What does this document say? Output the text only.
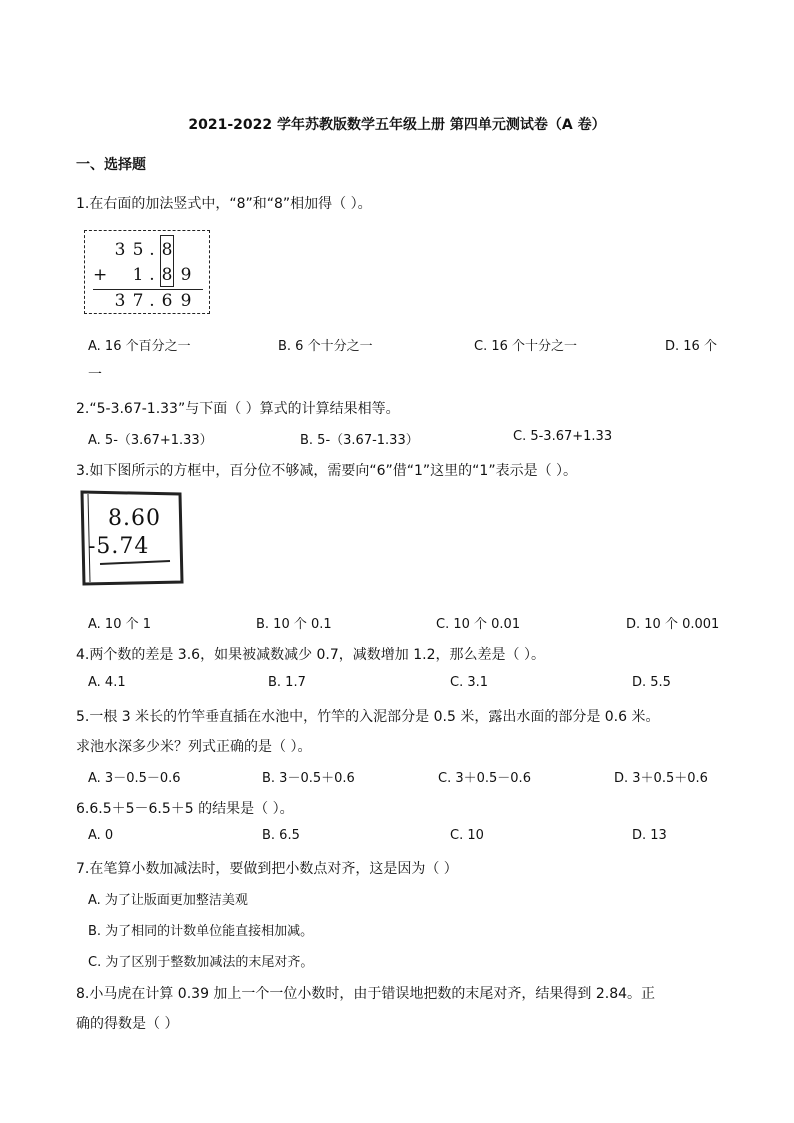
2021-2022 学年苏教版数学五年级上册 第四单元测试卷（A 卷）
一、选择题
1.在右面的加法竖式中，“8”和“8”相加得（ ）。
3 5 . 8
+ 1 . 8 9
3 7 . 6 9
A. 16 个百分之一	B. 6 个十分之一	C. 16 个十分之一	D. 16 个
一
2.“5-3.67-1.33”与下面（ ）算式的计算结果相等。
A. 5-（3.67+1.33）	B. 5-（3.67-1.33）	C. 5-3.67+1.33
3.如下图所示的方框中，百分位不够减，需要向“6”借“1”这里的“1”表示是（ ）。
8.60
-5.74
A. 10 个 1	B. 10 个 0.1	C. 10 个 0.01	D. 10 个 0.001
4.两个数的差是 3.6，如果被减数减少 0.7，减数增加 1.2，那么差是（ ）。
A. 4.1	B. 1.7	C. 3.1	D. 5.5
5.一根 3 米长的竹竿垂直插在水池中，竹竿的入泥部分是 0.5 米，露出水面的部分是 0.6 米。
求池水深多少米？列式正确的是（ ）。
A. 3－0.5－0.6	B. 3－0.5＋0.6	C. 3＋0.5－0.6	D. 3＋0.5＋0.6
6.6.5＋5－6.5＋5 的结果是（ ）。
A. 0	B. 6.5	C. 10	D. 13
7.在笔算小数加减法时，要做到把小数点对齐，这是因为（ ）
A. 为了让版面更加整洁美观
B. 为了相同的计数单位能直接相加减。
C. 为了区别于整数加减法的末尾对齐。
8.小马虎在计算 0.39 加上一个一位小数时，由于错误地把数的末尾对齐，结果得到 2.84。正
确的得数是（ ）
